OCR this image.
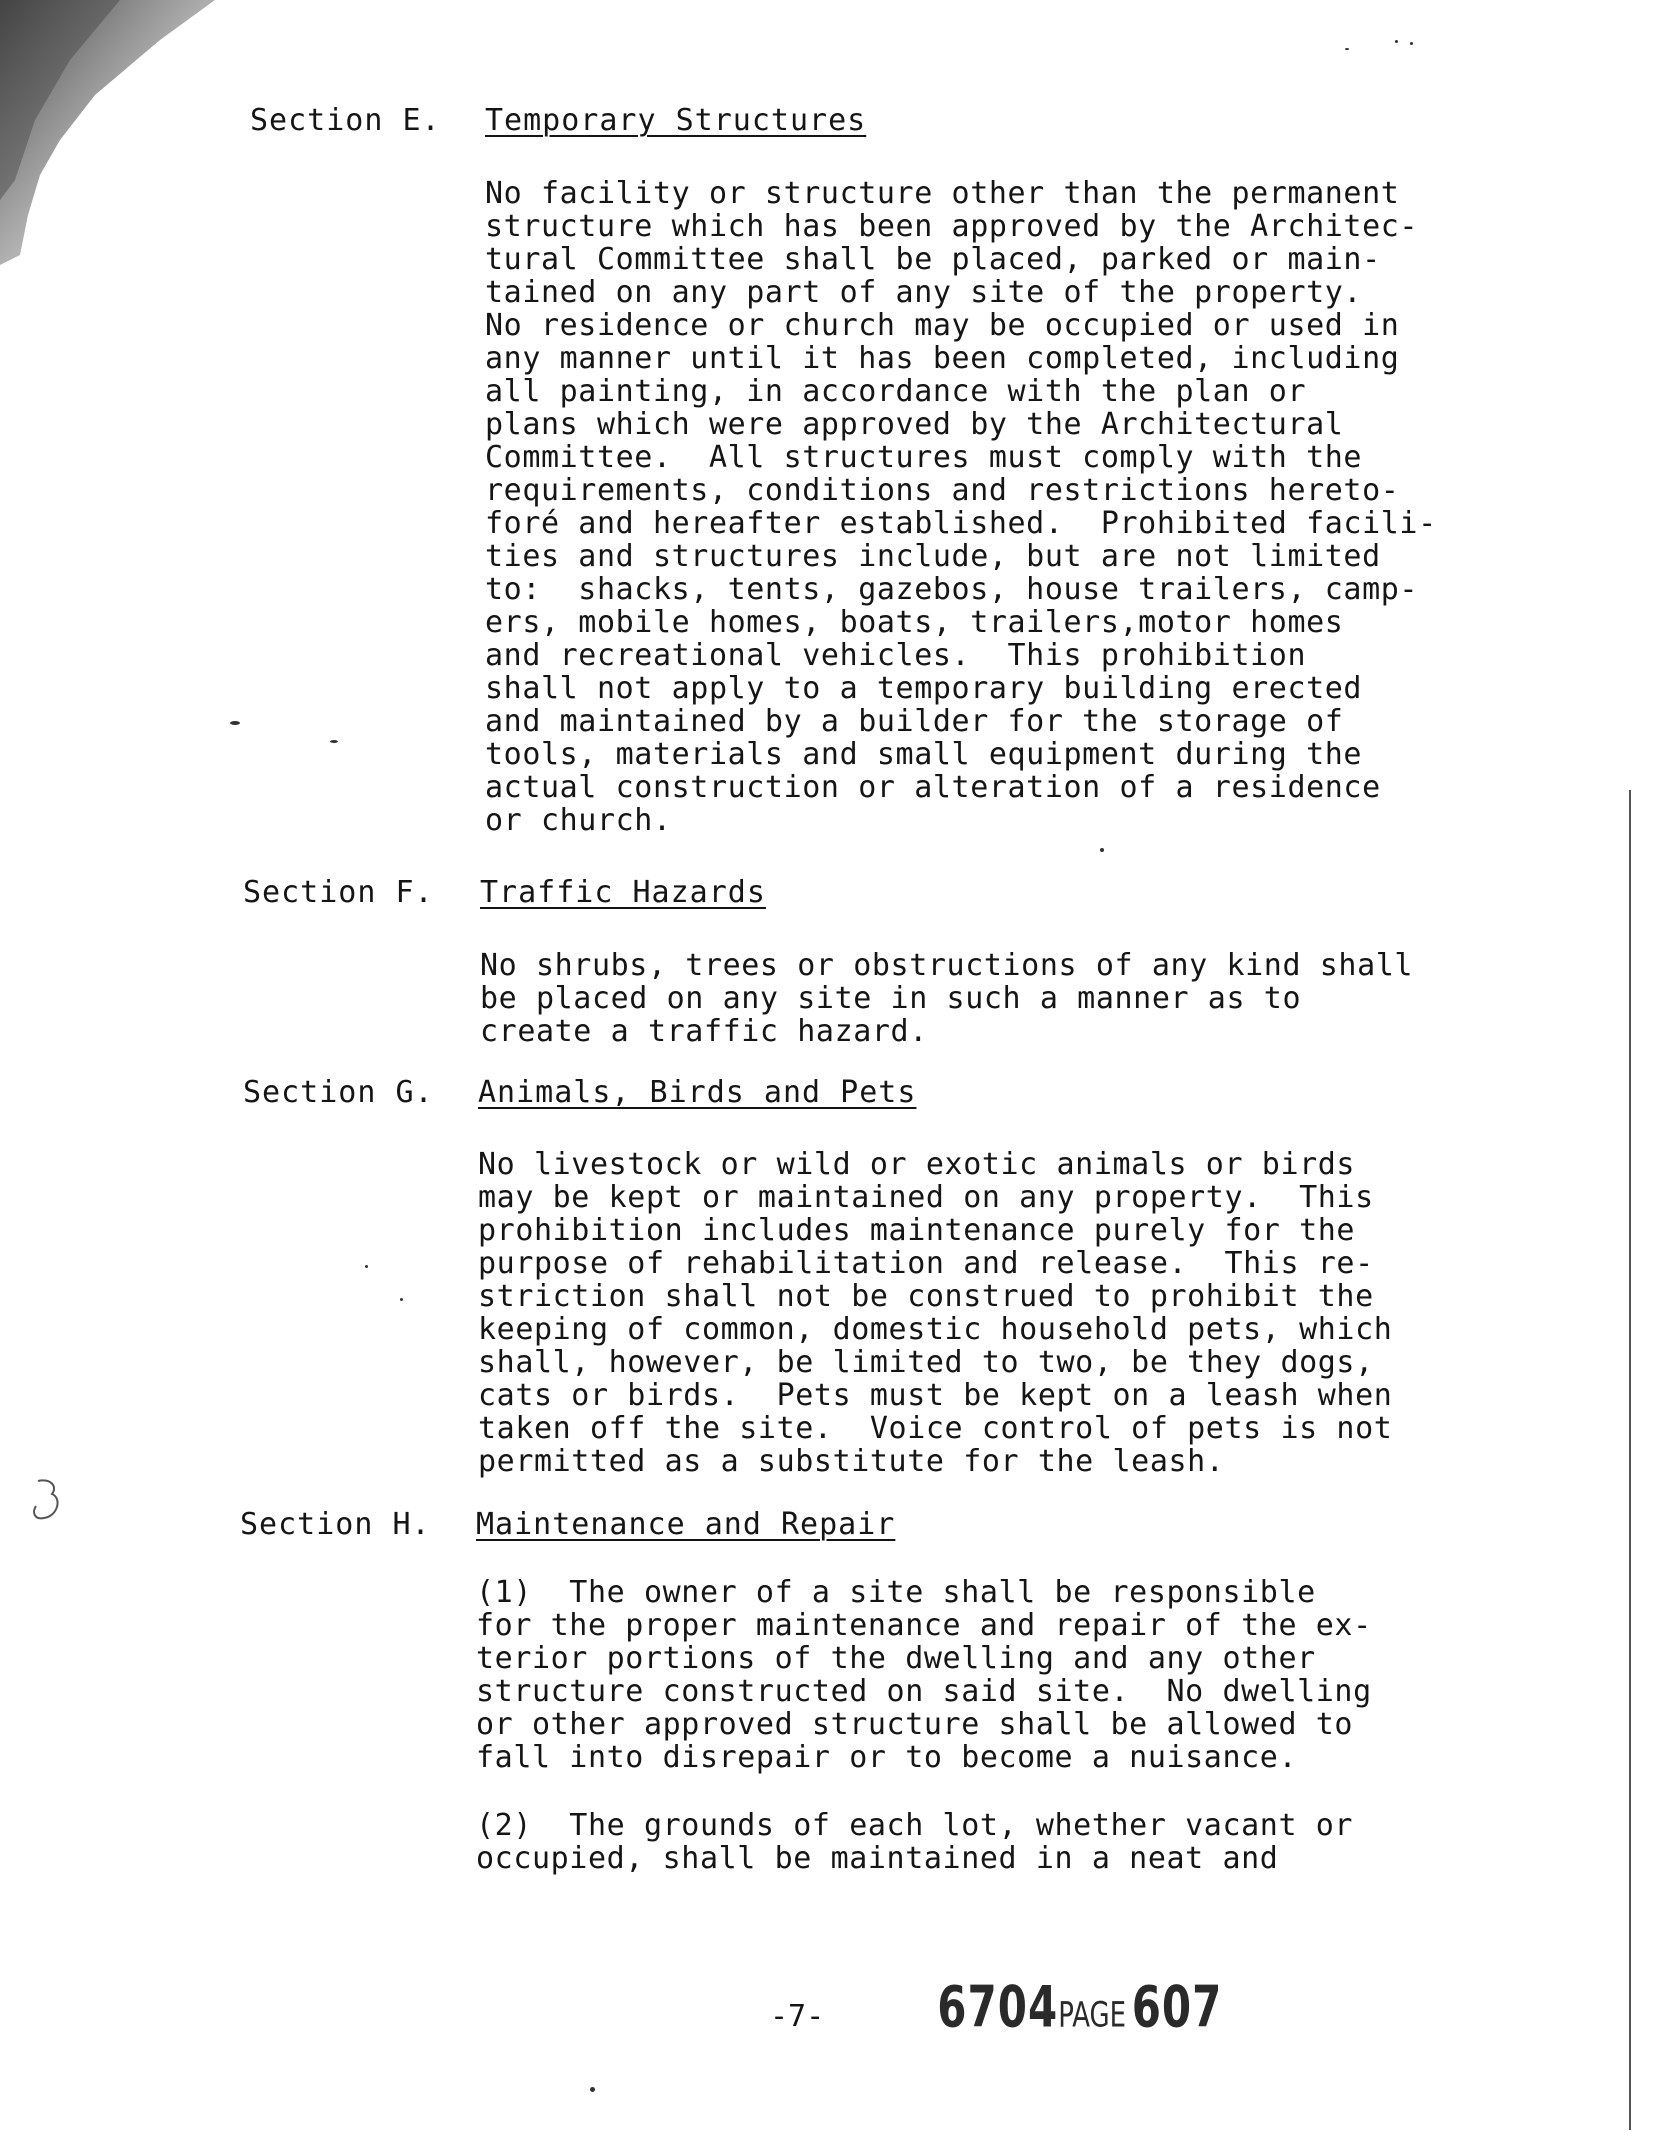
Section E. Temporary Structures
No facility or structure other than the permanent
structure which has been approved by the Architec-
tural Committee shall be placed, parked or main-
tained on any part of any site of the property.
No residence or church may be occupied or used in
any manner until it has been completed, including
all painting, in accordance with the plan or
plans which were approved by the Architectural
Committee.  All structures must comply with the
requirements, conditions and restrictions hereto-
foré and hereafter established.  Prohibited facili-
ties and structures include, but are not limited
to:  shacks, tents, gazebos, house trailers, camp-
ers, mobile homes, boats, trailers,motor homes
and recreational vehicles.  This prohibition
shall not apply to a temporary building erected
and maintained by a builder for the storage of
tools, materials and small equipment during the
actual construction or alteration of a residence
or church.
Section F. Traffic Hazards
No shrubs, trees or obstructions of any kind shall
be placed on any site in such a manner as to
create a traffic hazard.
Section G. Animals, Birds and Pets
No livestock or wild or exotic animals or birds
may be kept or maintained on any property.  This
prohibition includes maintenance purely for the
purpose of rehabilitation and release.  This re-
striction shall not be construed to prohibit the
keeping of common, domestic household pets, which
shall, however, be limited to two, be they dogs,
cats or birds.  Pets must be kept on a leash when
taken off the site.  Voice control of pets is not
permitted as a substitute for the leash.
Section H. Maintenance and Repair
(1)  The owner of a site shall be responsible
for the proper maintenance and repair of the ex-
terior portions of the dwelling and any other
structure constructed on said site.  No dwelling
or other approved structure shall be allowed to
fall into disrepair or to become a nuisance.
(2)  The grounds of each lot, whether vacant or
occupied, shall be maintained in a neat and

6704PAGE 607

-7-
